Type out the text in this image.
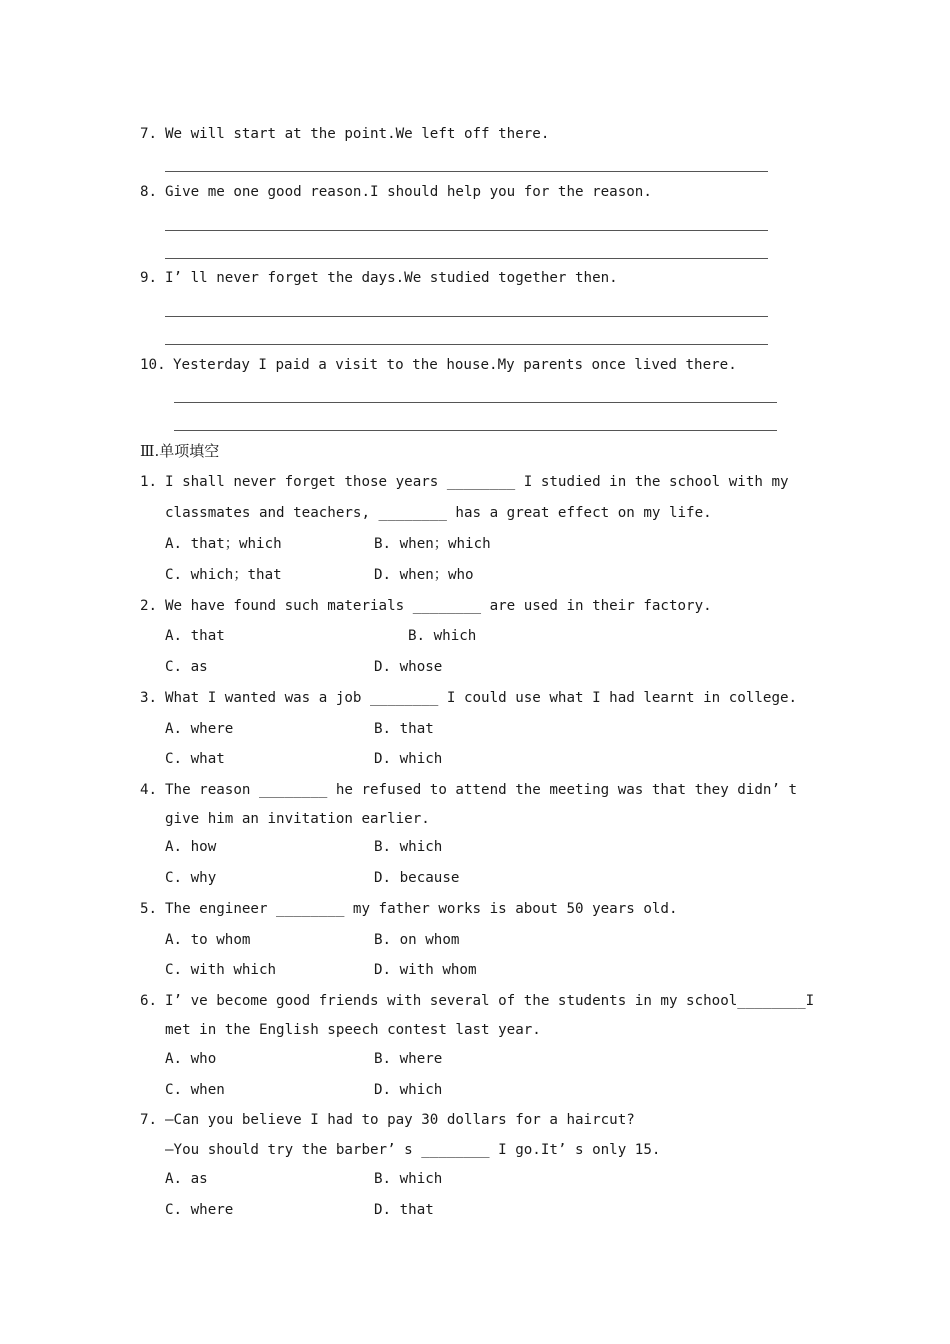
7. We will start at the point.We left off there.
8. Give me one good reason.I should help you for the reason.
9. I’ ll never forget the days.We studied together then.
10. Yesterday I paid a visit to the house.My parents once lived there.
Ⅲ.单项填空
1. I shall never forget those years ________ I studied in the school with my
classmates and teachers, ________ has a great effect on my life.
A. that；which	B. when；which
C. which；that	D. when；who
2. We have found such materials ________ are used in their factory.
A. that	B. which
C. as	D. whose
3. What I wanted was a job ________ I could use what I had learnt in college.
A. where	B. that
C. what	D. which
4. The reason ________ he refused to attend the meeting was that they didn’ t
give him an invitation earlier.
A. how	B. which
C. why	D. because
5. The engineer ________ my father works is about 50 years old.
A. to whom	B. on whom
C. with which	D. with whom
6. I’ ve become good friends with several of the students in my school________I
met in the English speech contest last year.
A. who	B. where
C. when	D. which
7. —Can you believe I had to pay 30 dollars for a haircut?
—You should try the barber’ s ________ I go.It’ s only 15.
A. as	B. which
C. where	D. that
